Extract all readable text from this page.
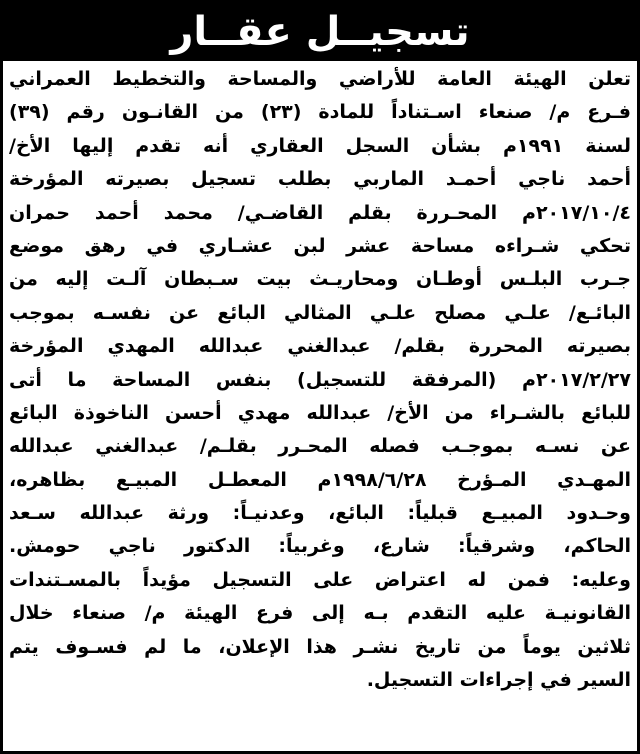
تسجيــل عقــار
تعلن الهيئة العامة للأراضي والمساحة والتخطيط العمراني
فـرع م/ صنعاء اسـتناداً للمادة (٢٣) من القانـون رقم (٣٩)
لسنة ١٩٩١م بشأن السجل العقاري أنه تقدم إليها الأخ/
أحمد ناجي أحمـد الماربي بطلب تسجيل بصيرته المؤرخة
٢٠١٧/١٠/٤م المحـررة بقلم القاضـي/ محمد أحمد حمران
تحكي شـراءه مساحة عشر لبن عشـاري في رهق موضع
جـرب البلـس أوطـان ومحاريـث بيت سـبطان آلـت إليه من
البائـع/ علـي مصلح علـي المثالي البائع عن نفسـه بموجب
بصيرته المحررة بقلم/ عبدالغني عبدالله المهدي المؤرخة
٢٠١٧/٢/٢٧م (المرفقة للتسجيل) بنفس المساحة ما أتى
للبائع بالشـراء من الأخ/ عبدالله مهدي أحسن الناخوذة البائع
عن نسـه بموجـب فصله المحـرر بقلـم/ عبدالغني عبدالله
المهـدي المـؤرخ ١٩٩٨/٦/٢٨م المعطـل المبيـع بظاهره،
وحـدود المبيـع قبلياً: البائع، وعدنيـاً: ورثة عبدالله سـعد
الحاكم، وشرقياً: شارع، وغربياً: الدكتور ناجي حومش.
وعليه: فمن له اعتراض على التسجيل مؤيداً بالمسـتندات
القانونيـة عليه التقدم بـه إلى فرع الهيئة م/ صنعاء خلال
ثلاثين يوماً من تاريخ نشـر هذا الإعلان، ما لم فسـوف يتم
السير في إجراءات التسجيل.
